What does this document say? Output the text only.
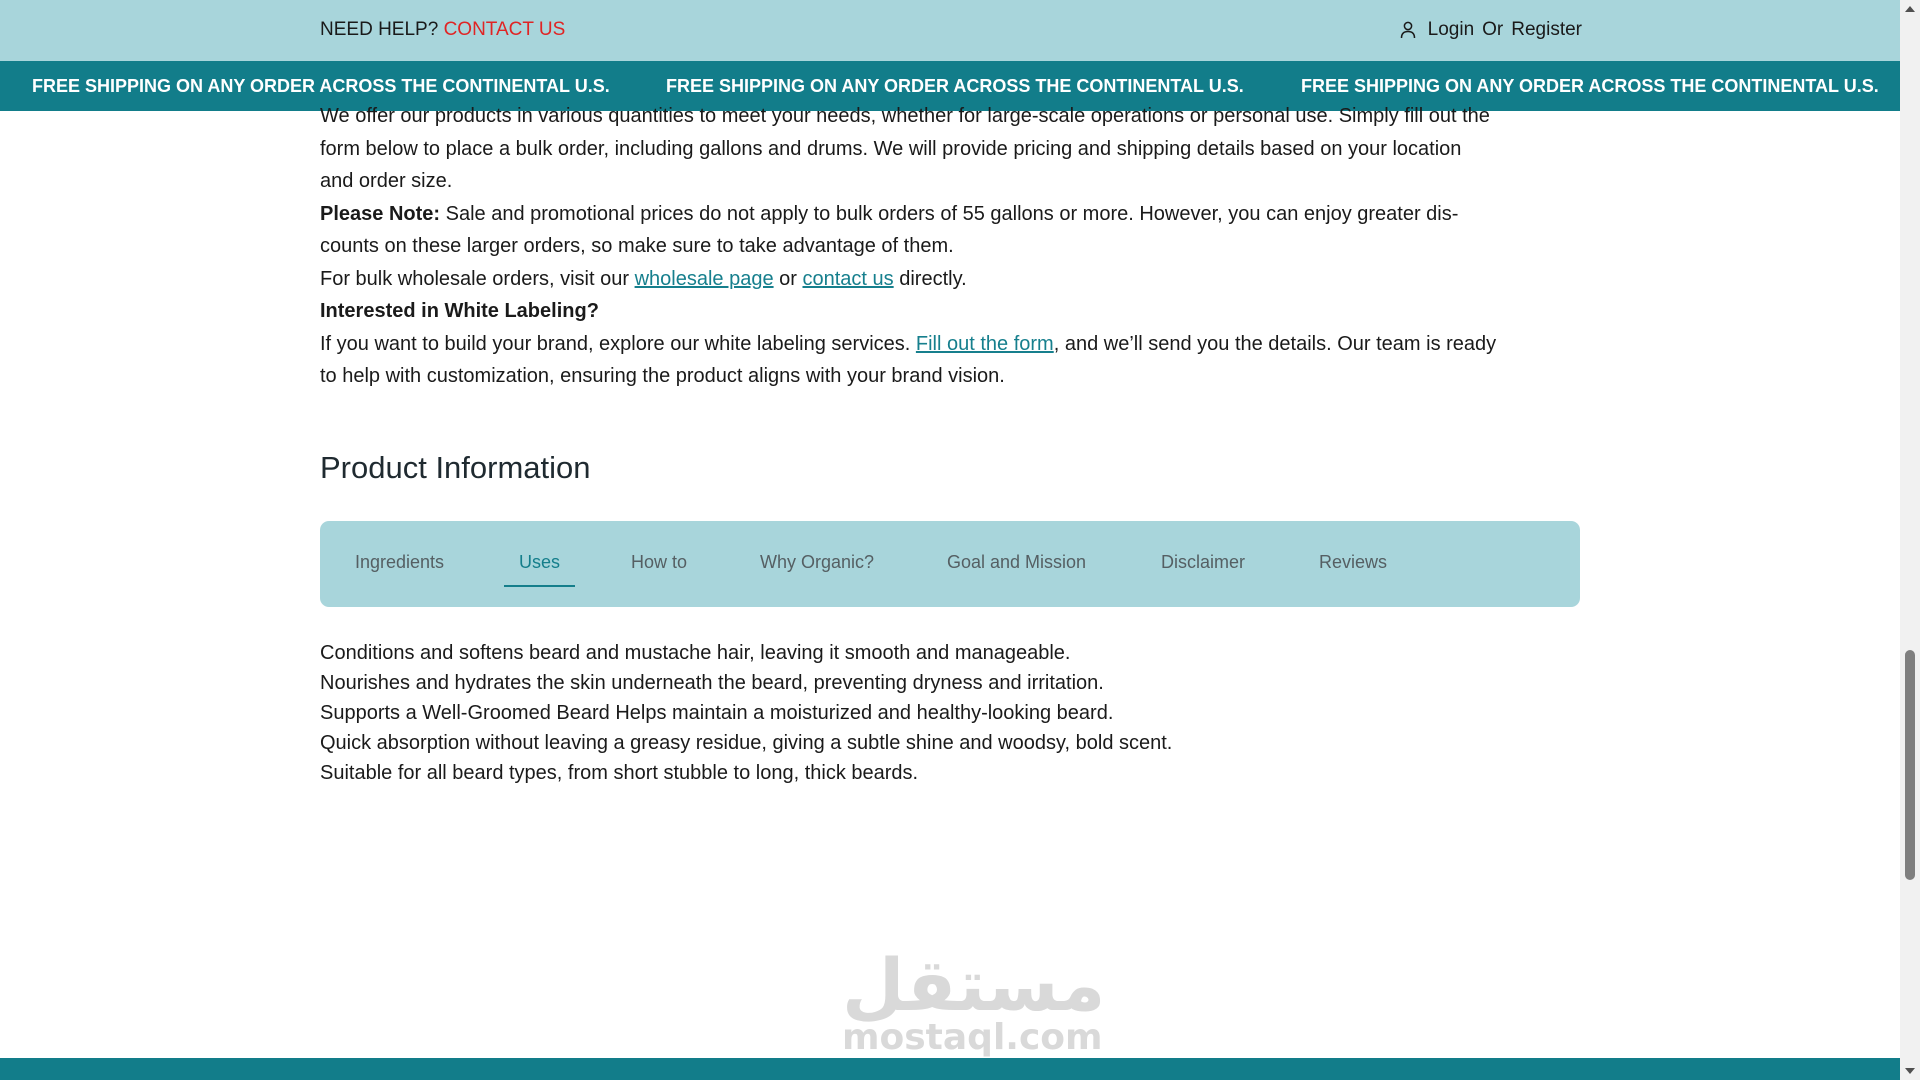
NEED HELP? CONTACT US	Login Or Register
FREE SHIPPING ON ANY ORDER ACROSS THE CONTINENTAL U.S.	FREE SHIPPING ON ANY ORDER ACROSS THE CONTINENTAL U.S.	FREE SHIPPING ON ANY ORDER ACROSS THE CONTINENTAL U.S.

We offer our products in various quantities to meet your needs, whether for large-scale operations or personal use. Simply fill out the

form below to place a bulk order, including gallons and drums. We will provide pricing and shipping details based on your location

and order size.

Please Note: Sale and promotional prices do not apply to bulk orders of 55 gallons or more. However, you can enjoy greater dis-

counts on these larger orders, so make sure to take advantage of them.

For bulk wholesale orders, visit our wholesale page or contact us directly.

Interested in White Labeling?

If you want to build your brand, explore our white labeling services. Fill out the form, and we’ll send you the details. Our team is ready

to help with customization, ensuring the product aligns with your brand vision.

Product Information
Ingredients	Uses	How to	Why Organic?	Goal and Mission	Disclaimer	Reviews
Conditions and softens beard and mustache hair, leaving it smooth and manageable.
Nourishes and hydrates the skin underneath the beard, preventing dryness and irritation.
Supports a Well-Groomed Beard Helps maintain a moisturized and healthy-looking beard.
Quick absorption without leaving a greasy residue, giving a subtle shine and woodsy, bold scent.
Suitable for all beard types, from short stubble to long, thick beards.
مستقل
mostaql.com
